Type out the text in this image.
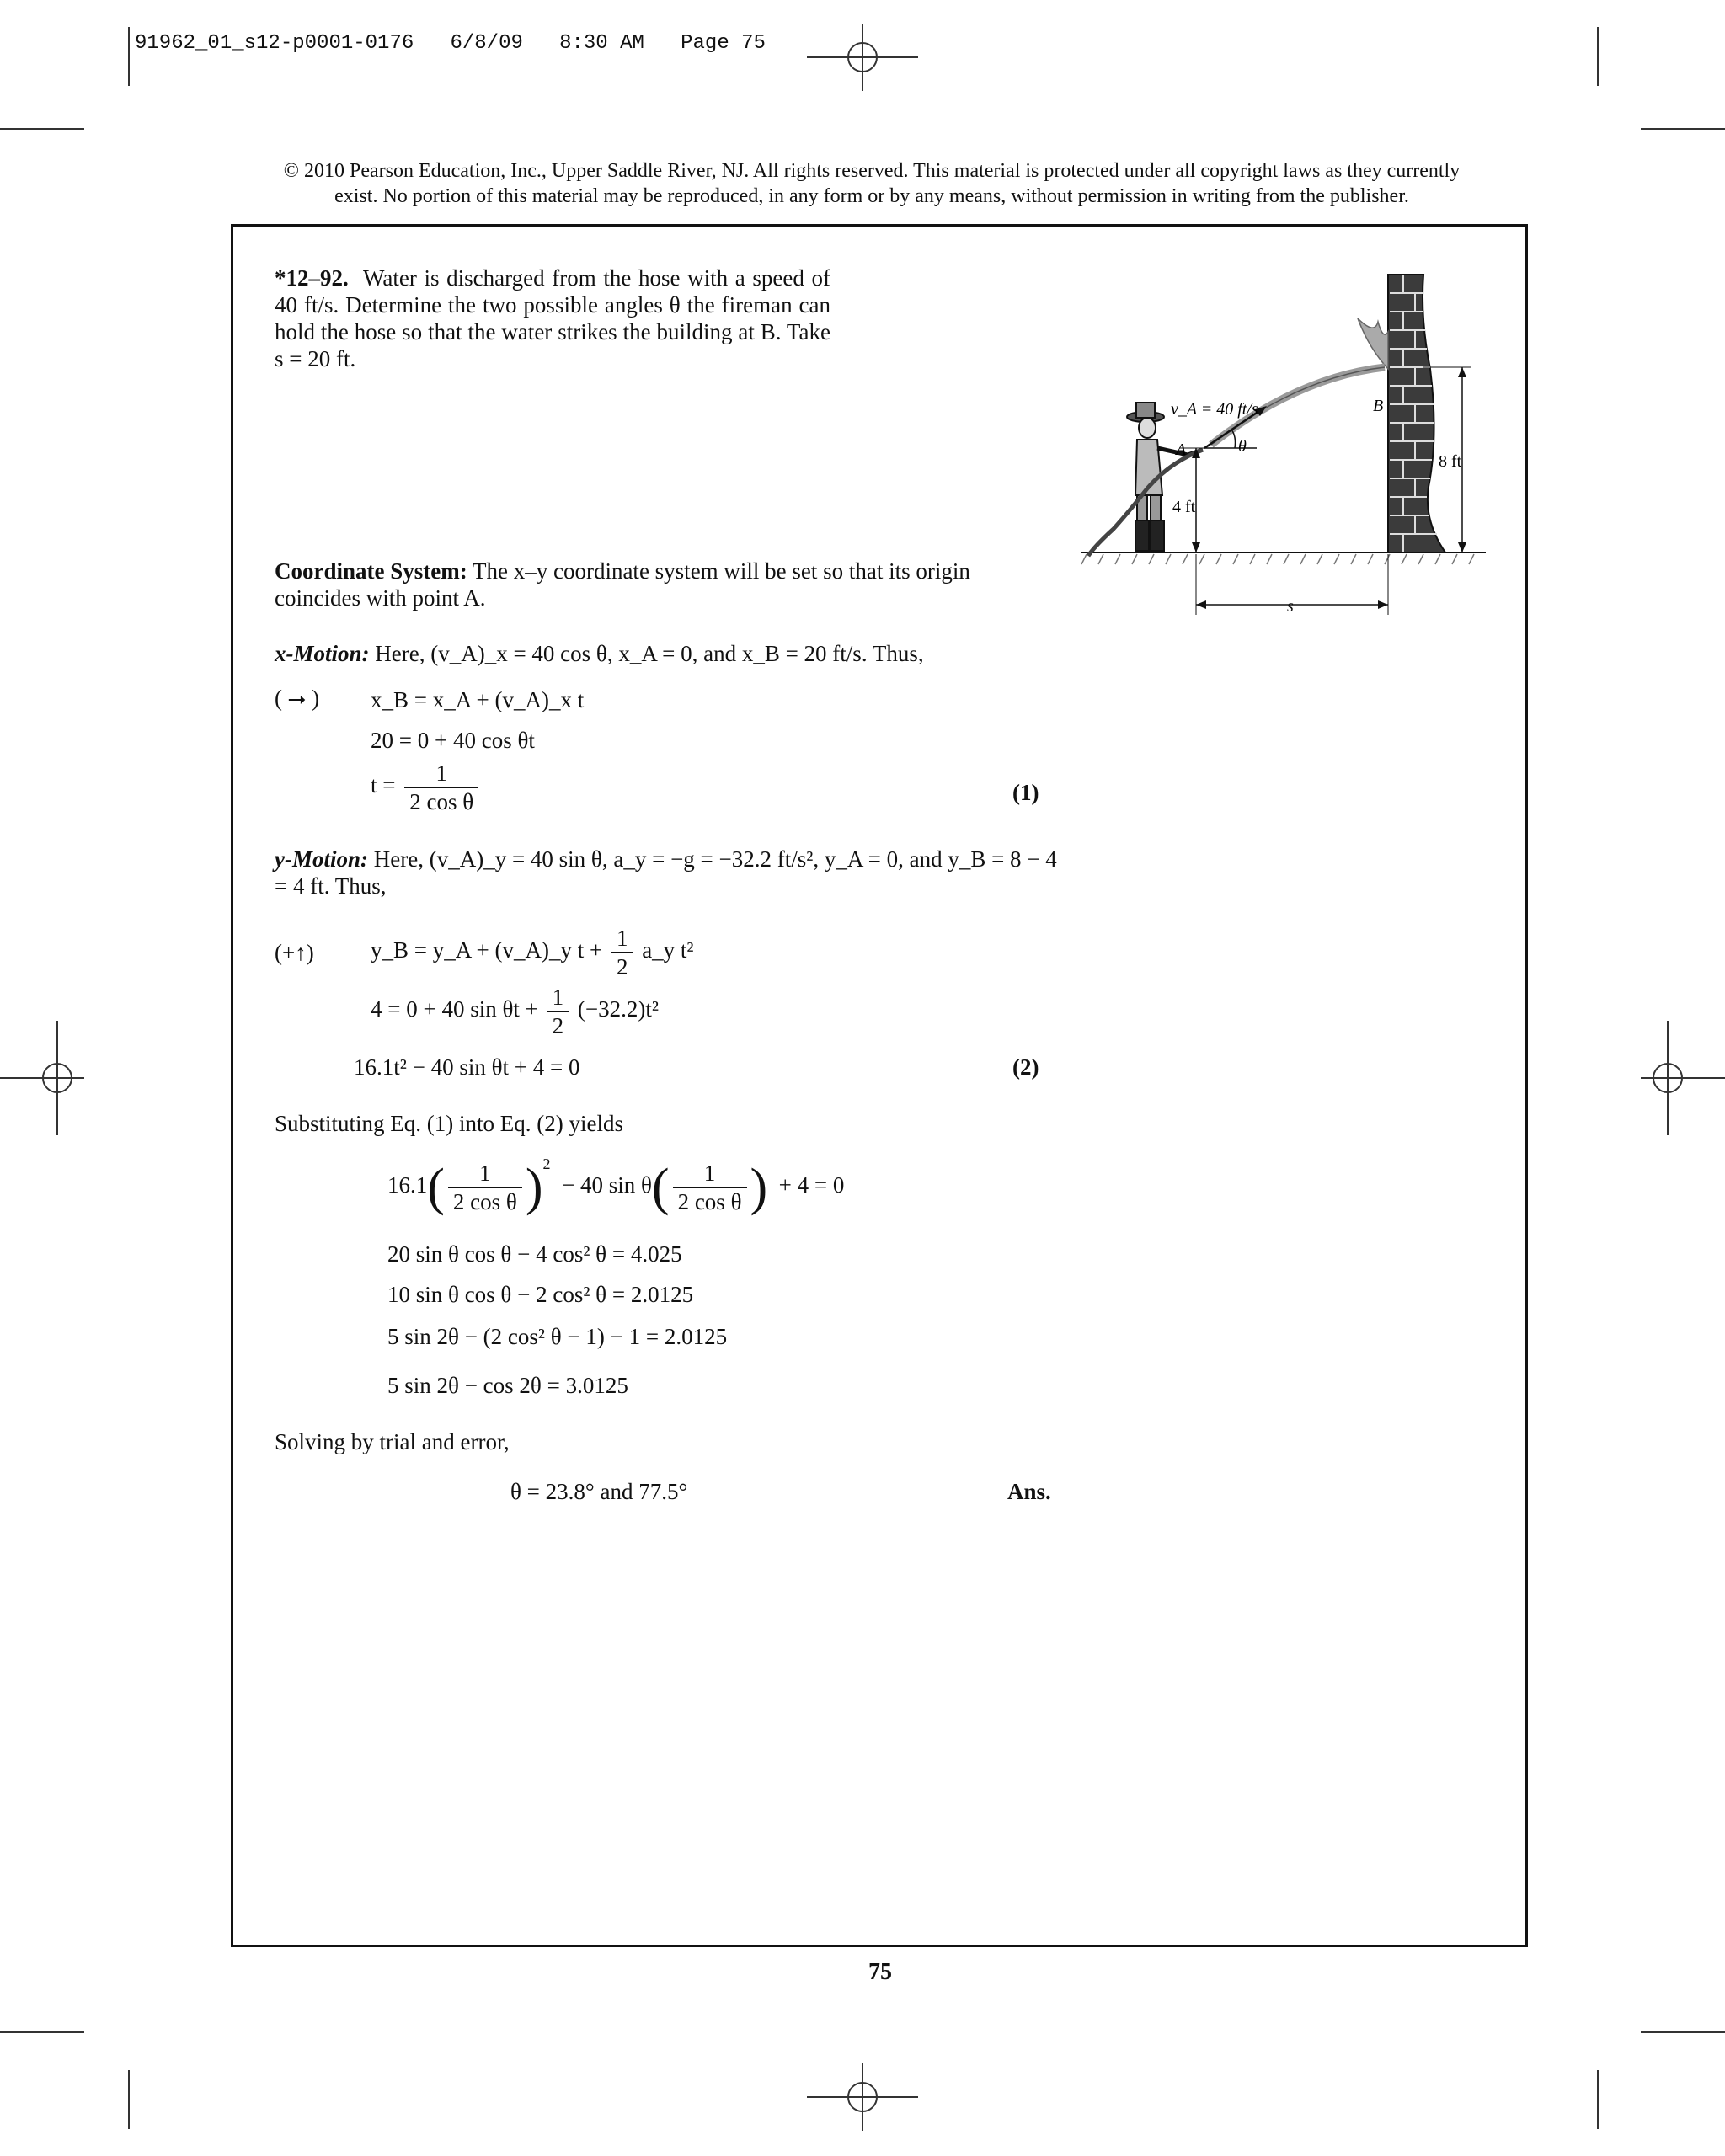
91962_01_s12-p0001-0176   6/8/09   8:30 AM   Page 75
© 2010 Pearson Education, Inc., Upper Saddle River, NJ. All rights reserved. This material is protected under all copyright laws as they currently
exist. No portion of this material may be reproduced, in any form or by any means, without permission in writing from the publisher.
*12–92. Water is discharged from the hose with a speed of 40 ft/s. Determine the two possible angles θ the fireman can hold the hose so that the water strikes the building at B. Take s = 20 ft.
v_A = 40 ft/s
A
B
θ
8 ft
4 ft
s
Coordinate System: The x–y coordinate system will be set so that its origin coincides with point A.
x-Motion: Here, (v_A)_x = 40 cos θ, x_A = 0, and x_B = 20 ft/s. Thus,
( ⭢ ) x_B = x_A + (v_A)_x t
20 = 0 + 40 cos θt
$t = \frac{1}{\text{2 cos θ}}$	(1)
y-Motion: Here, (v_A)_y = 40 sin θ, a_y = −g = −32.2 ft/s², y_A = 0, and y_B = 8 − 4
= 4 ft. Thus,
(+↑) y_B = y_A + (v_A)_y $t + \frac{1}{2}$ a_y t²
4 = 0 + 40 $\sin \theta t + \frac{1}{2} (-32.2)t^2$
16.1t² − 40 sin θt + 4 = 0	(2)
Substituting Eq. (1) into Eq. (2) yields
$16.1( \frac{1}{\text{2 cos θ}} )^2 - 40$ $\sin \theta( \frac{1}{\text{2 cos θ}}$ ) + 4 = 0
20 sin θ cos θ − 4 cos² θ = 4.025
10 sin θ cos θ − 2 cos² θ = 2.0125
5 sin 2θ − (2 cos² θ − 1) − 1 = 2.0125
5 sin 2θ − cos 2θ = 3.0125
Solving by trial and error,
θ = 23.8° and 77.5°	Ans.
75
